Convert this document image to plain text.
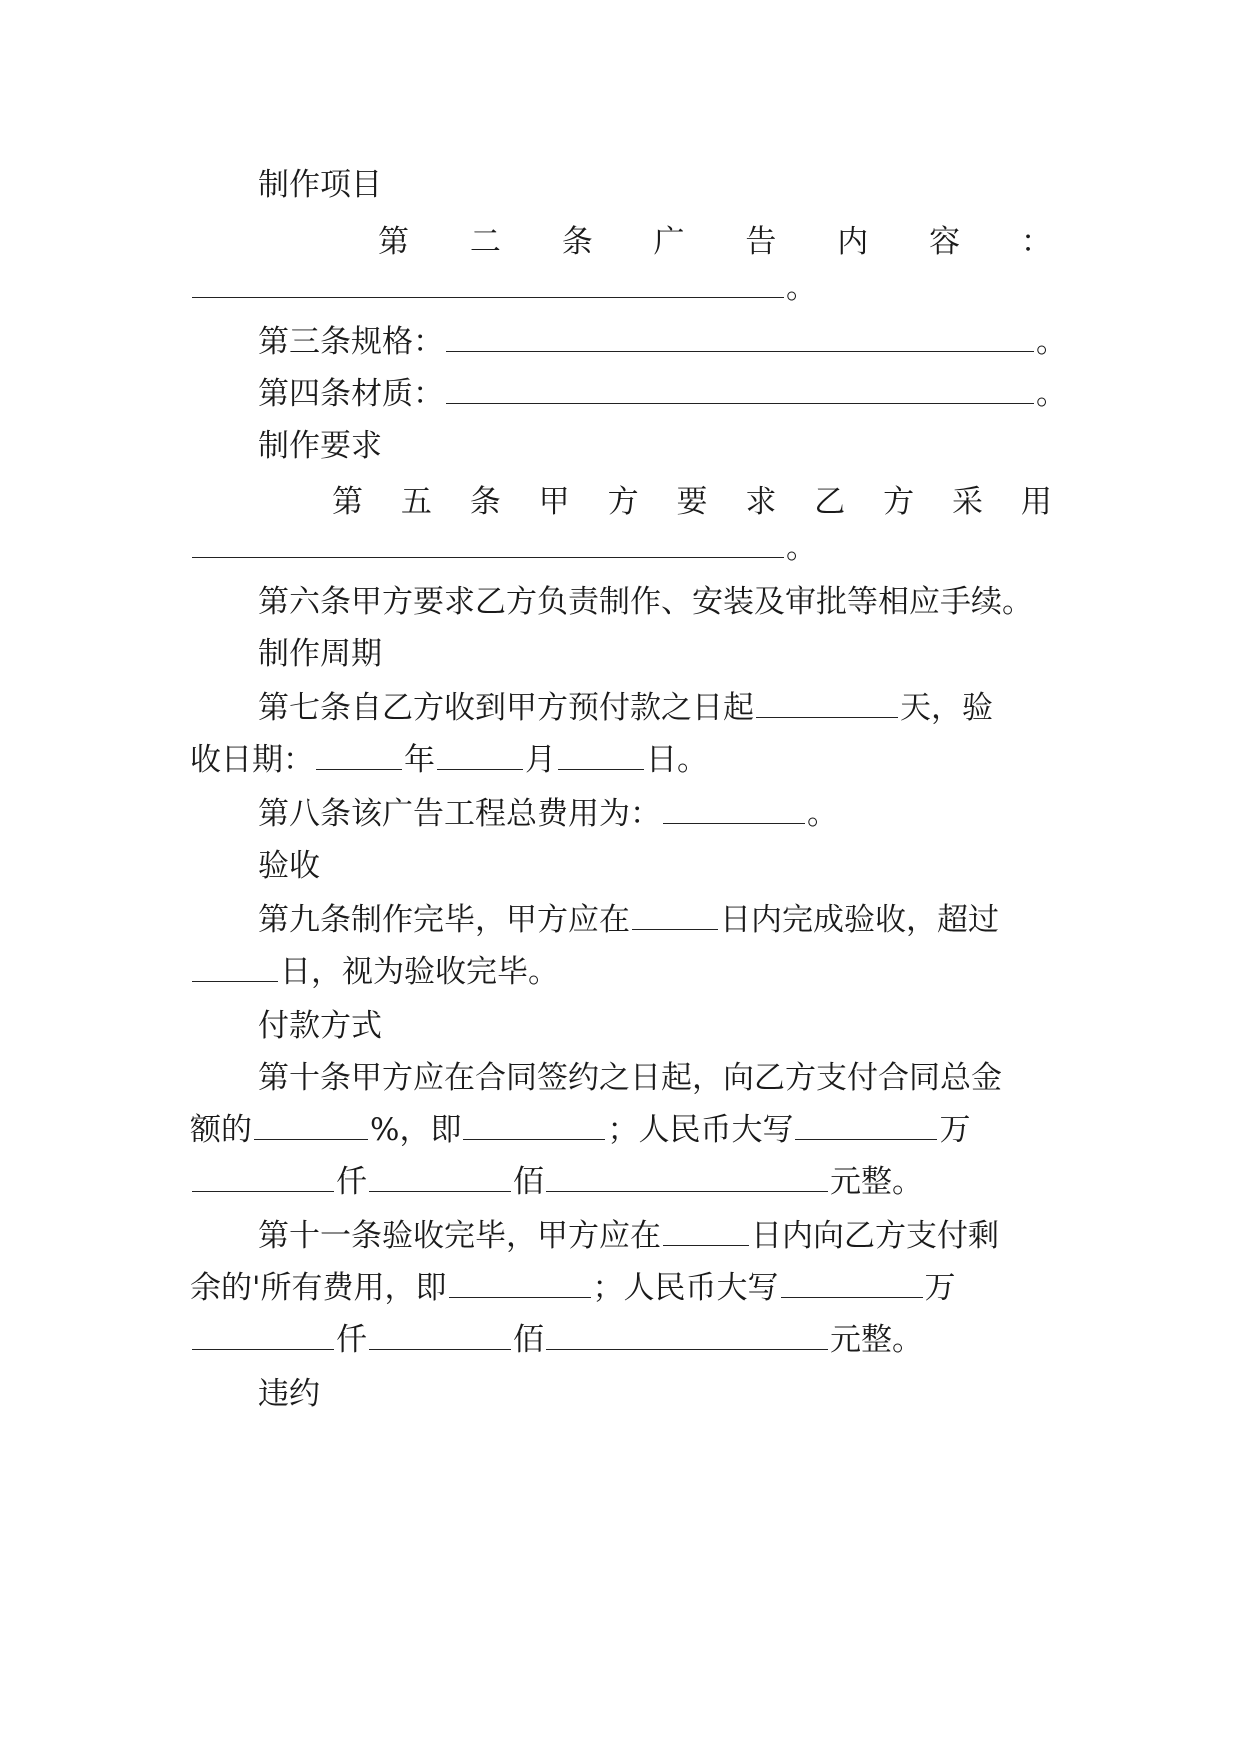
制作项目
第 二 条 广 告 内 容 ：
。
第三条规格：	。
第四条材质：	。
制作要求
第 五 条 甲 方 要 求 乙 方 采 用
。
第六条甲方要求乙方负责制作、安装及审批等相应手续。
制作周期
第七条自乙方收到甲方预付款之日起	天，验
收日期：	年	月	日。
第八条该广告工程总费用为：	。
验收
第九条制作完毕，甲方应在	日内完成验收，超过
日，视为验收完毕。
付款方式
第十条甲方应在合同签约之日起，向乙方支付合同总金
额的	%，即	；人民币大写	万
仟	佰	元整。
第十一条验收完毕，甲方应在	日内向乙方支付剩
余的'所有费用，即	；人民币大写	万
仟	佰	元整。
违约
